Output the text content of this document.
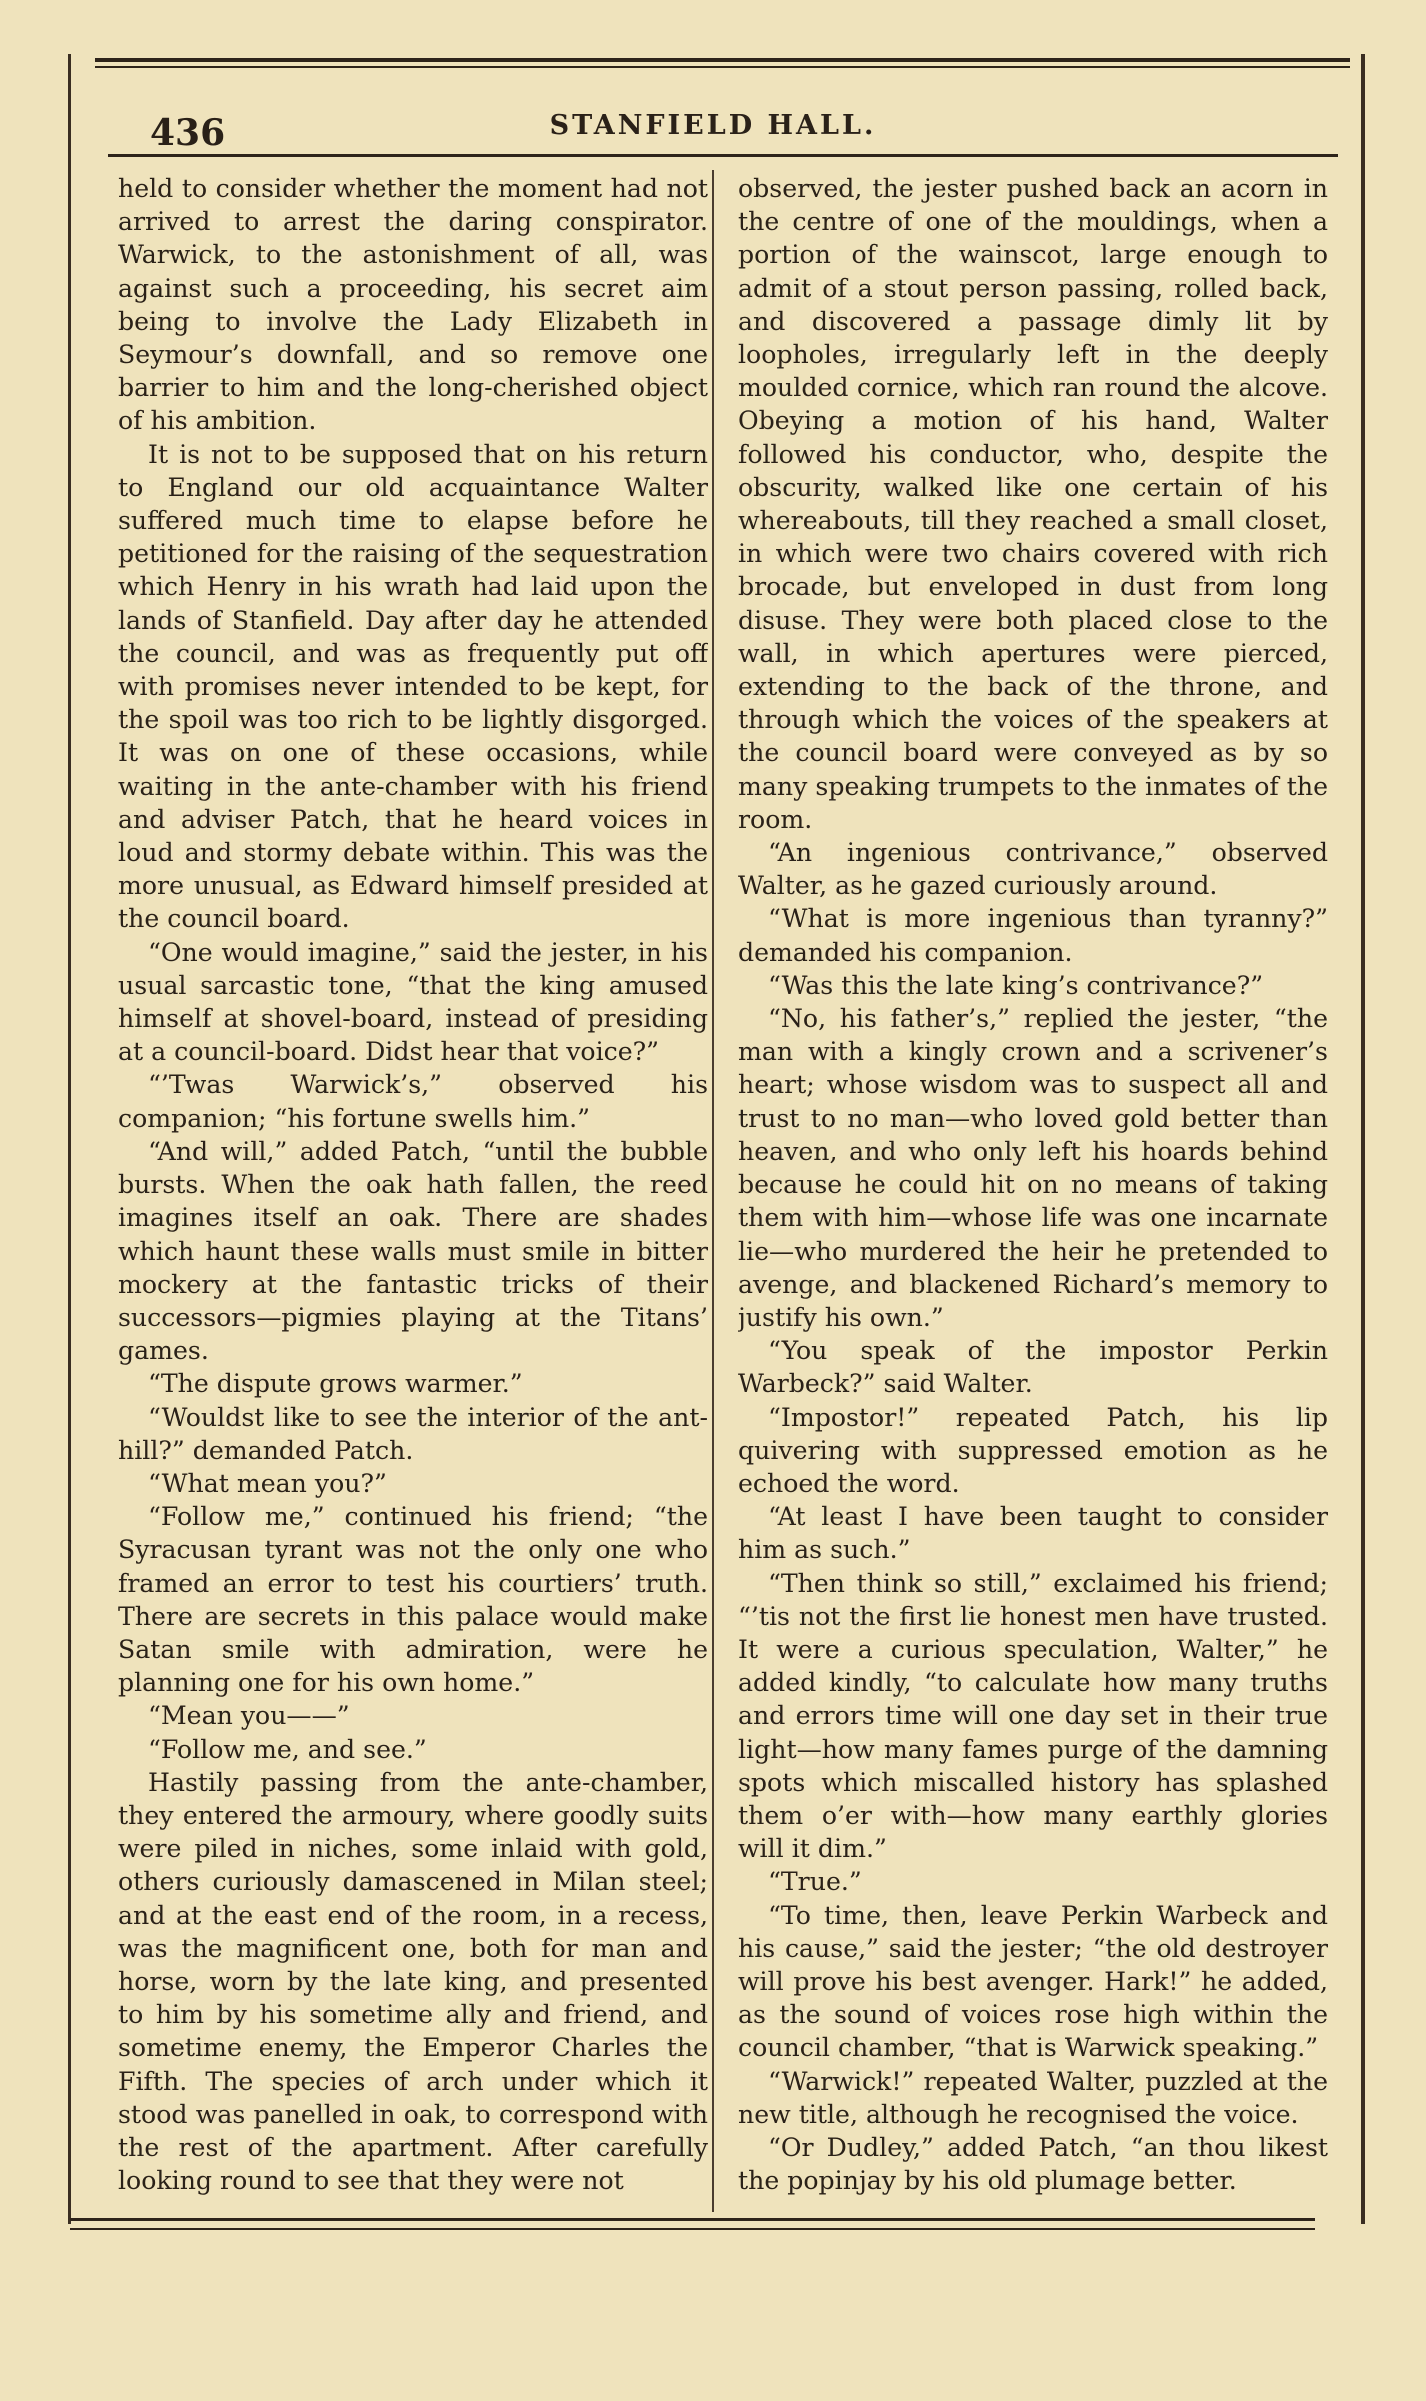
436	STANFIELD HALL.

held to consider whether the moment had not arrived to arrest the daring conspirator. Warwick, to the astonishment of all, was against such a proceeding, his secret aim being to involve the Lady Elizabeth in Seymour’s downfall, and so remove one barrier to him and the long-cherished object of his ambition.

It is not to be supposed that on his return to England our old acquaintance Walter suffered much time to elapse before he petitioned for the raising of the sequestration which Henry in his wrath had laid upon the lands of Stanfield. Day after day he attended the council, and was as frequently put off with promises never intended to be kept, for the spoil was too rich to be lightly disgorged. It was on one of these occasions, while waiting in the ante-chamber with his friend and adviser Patch, that he heard voices in loud and stormy debate within. This was the more unusual, as Edward himself presided at the council board.

“One would imagine,” said the jester, in his usual sarcastic tone, “that the king amused himself at shovel-board, instead of presiding at a council-board. Didst hear that voice?”

“’Twas Warwick’s,” observed his companion; “his fortune swells him.”

“And will,” added Patch, “until the bubble bursts. When the oak hath fallen, the reed imagines itself an oak. There are shades which haunt these walls must smile in bitter mockery at the fantastic tricks of their successors—pigmies playing at the Titans’ games.

“The dispute grows warmer.”

“Wouldst like to see the interior of the ant-hill?” demanded Patch.

“What mean you?”

“Follow me,” continued his friend; “the Syracusan tyrant was not the only one who framed an error to test his courtiers’ truth. There are secrets in this palace would make Satan smile with admiration, were he planning one for his own home.”

“Mean you——”

“Follow me, and see.”

Hastily passing from the ante-chamber, they entered the armoury, where goodly suits were piled in niches, some inlaid with gold, others curiously damascened in Milan steel; and at the east end of the room, in a recess, was the magnificent one, both for man and horse, worn by the late king, and presented to him by his sometime ally and friend, and sometime enemy, the Emperor Charles the Fifth. The species of arch under which it stood was panelled in oak, to correspond with the rest of the apartment. After carefully looking round to see that they were not

observed, the jester pushed back an acorn in the centre of one of the mouldings, when a portion of the wainscot, large enough to admit of a stout person passing, rolled back, and discovered a passage dimly lit by loopholes, irregularly left in the deeply moulded cornice, which ran round the alcove. Obeying a motion of his hand, Walter followed his conductor, who, despite the obscurity, walked like one certain of his whereabouts, till they reached a small closet, in which were two chairs covered with rich brocade, but enveloped in dust from long disuse. They were both placed close to the wall, in which apertures were pierced, extending to the back of the throne, and through which the voices of the speakers at the council board were conveyed as by so many speaking trumpets to the inmates of the room.

“An ingenious contrivance,” observed Walter, as he gazed curiously around.

“What is more ingenious than tyranny?” demanded his companion.

“Was this the late king’s contrivance?”

“No, his father’s,” replied the jester, “the man with a kingly crown and a scrivener’s heart; whose wisdom was to suspect all and trust to no man—who loved gold better than heaven, and who only left his hoards behind because he could hit on no means of taking them with him—whose life was one incarnate lie—who murdered the heir he pretended to avenge, and blackened Richard’s memory to justify his own.”

“You speak of the impostor Perkin Warbeck?” said Walter.

“Impostor!” repeated Patch, his lip quivering with suppressed emotion as he echoed the word.

“At least I have been taught to consider him as such.”

“Then think so still,” exclaimed his friend; “’tis not the first lie honest men have trusted. It were a curious speculation, Walter,” he added kindly, “to calculate how many truths and errors time will one day set in their true light—how many fames purge of the damning spots which miscalled history has splashed them o’er with—how many earthly glories will it dim.”

“True.”

“To time, then, leave Perkin Warbeck and his cause,” said the jester; “the old destroyer will prove his best avenger. Hark!” he added, as the sound of voices rose high within the council chamber, “that is Warwick speaking.”

“Warwick!” repeated Walter, puzzled at the new title, although he recognised the voice.

“Or Dudley,” added Patch, “an thou likest the popinjay by his old plumage better.
